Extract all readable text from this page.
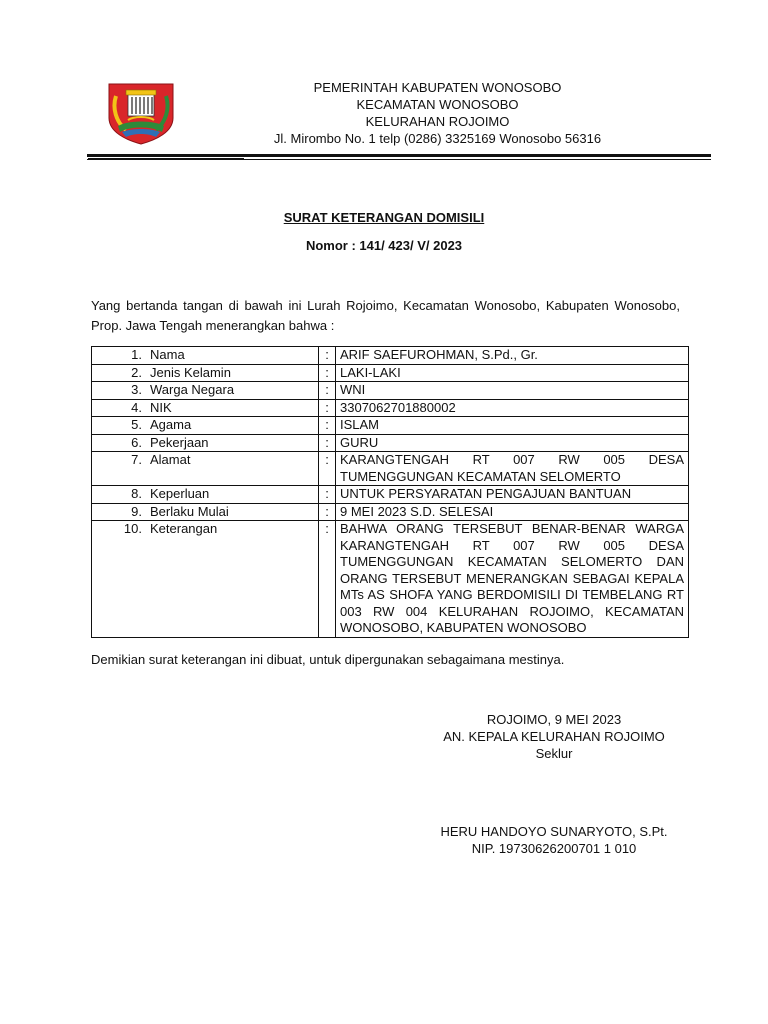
PEMERINTAH KABUPATEN WONOSOBO
KECAMATAN WONOSOBO
KELURAHAN ROJOIMO
Jl. Mirombo No. 1 telp (0286) 3325169 Wonosobo 56316
SURAT KETERANGAN DOMISILI
Nomor : 141/ 423/ V/ 2023
Yang bertanda tangan di bawah ini Lurah Rojoimo, Kecamatan Wonosobo, Kabupaten Wonosobo, Prop. Jawa Tengah menerangkan bahwa :
1. Nama	:	ARIF SAEFUROHMAN, S.Pd., Gr.
2. Jenis Kelamin	:	LAKI-LAKI
3. Warga Negara	:	WNI
4. NIK	:	3307062701880002
5. Agama	:	ISLAM
6. Pekerjaan	:	GURU
7. Alamat	:	KARANGTENGAH RT 007 RW 005 DESA TUMENGGUNGAN KECAMATAN SELOMERTO
8. Keperluan	:	UNTUK PERSYARATAN PENGAJUAN BANTUAN
9. Berlaku Mulai	:	9 MEI 2023 S.D. SELESAI
10. Keterangan	:	BAHWA ORANG TERSEBUT BENAR-BENAR WARGA KARANGTENGAH RT 007 RW 005 DESA TUMENGGUNGAN KECAMATAN SELOMERTO DAN ORANG TERSEBUT MENERANGKAN SEBAGAI KEPALA MTs AS SHOFA YANG BERDOMISILI DI TEMBELANG RT 003 RW 004 KELURAHAN ROJOIMO, KECAMATAN WONOSOBO, KABUPATEN WONOSOBO
Demikian surat keterangan ini dibuat, untuk dipergunakan sebagaimana mestinya.
ROJOIMO, 9 MEI 2023
AN. KEPALA KELURAHAN ROJOIMO
Seklur
HERU HANDOYO SUNARYOTO, S.Pt.
NIP. 19730626200701 1 010
